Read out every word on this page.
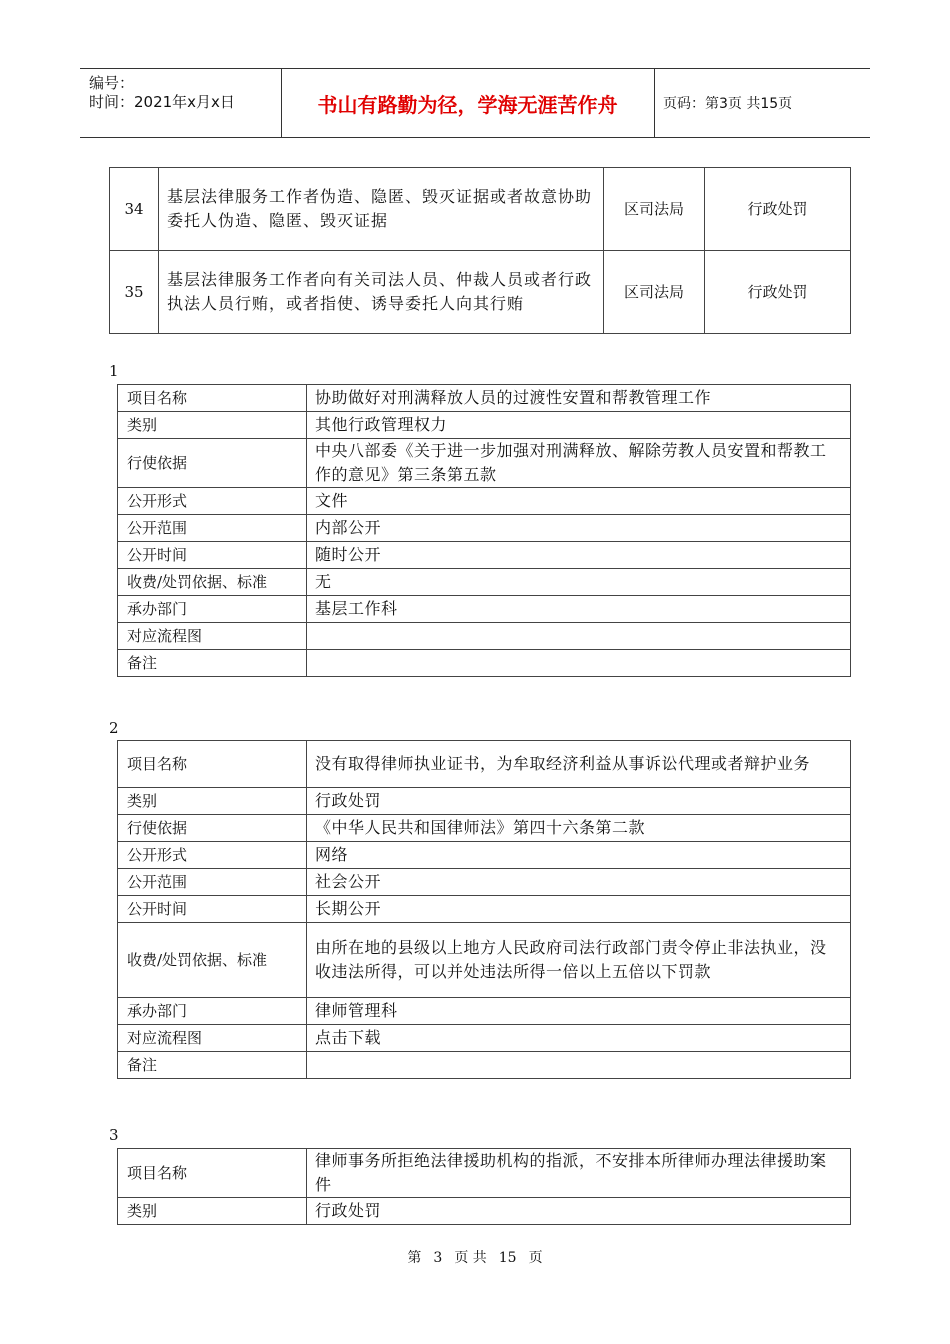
编号：
时间：2021年x月x日	书山有路勤为径，学海无涯苦作舟	页码：第3页 共15页
34	基层法律服务工作者伪造、隐匿、毁灭证据或者故意协助委托人伪造、隐匿、毁灭证据	区司法局	行政处罚
35	基层法律服务工作者向有关司法人员、仲裁人员或者行政执法人员行贿，或者指使、诱导委托人向其行贿	区司法局	行政处罚
1
项目名称	协助做好对刑满释放人员的过渡性安置和帮教管理工作
类别	其他行政管理权力
行使依据	中央八部委《关于进一步加强对刑满释放、解除劳教人员安置和帮教工作的意见》第三条第五款
公开形式	文件
公开范围	内部公开
公开时间	随时公开
收费/处罚依据、标准	无
承办部门	基层工作科
对应流程图	
备注	
2
项目名称	没有取得律师执业证书，为牟取经济利益从事诉讼代理或者辩护业务
类别	行政处罚
行使依据	《中华人民共和国律师法》第四十六条第二款
公开形式	网络
公开范围	社会公开
公开时间	长期公开
收费/处罚依据、标准	由所在地的县级以上地方人民政府司法行政部门责令停止非法执业，没收违法所得，可以并处违法所得一倍以上五倍以下罚款
承办部门	律师管理科
对应流程图	点击下载
备注	
3
项目名称	律师事务所拒绝法律援助机构的指派，不安排本所律师办理法律援助案件
类别	行政处罚
第 3 页 共 15 页
